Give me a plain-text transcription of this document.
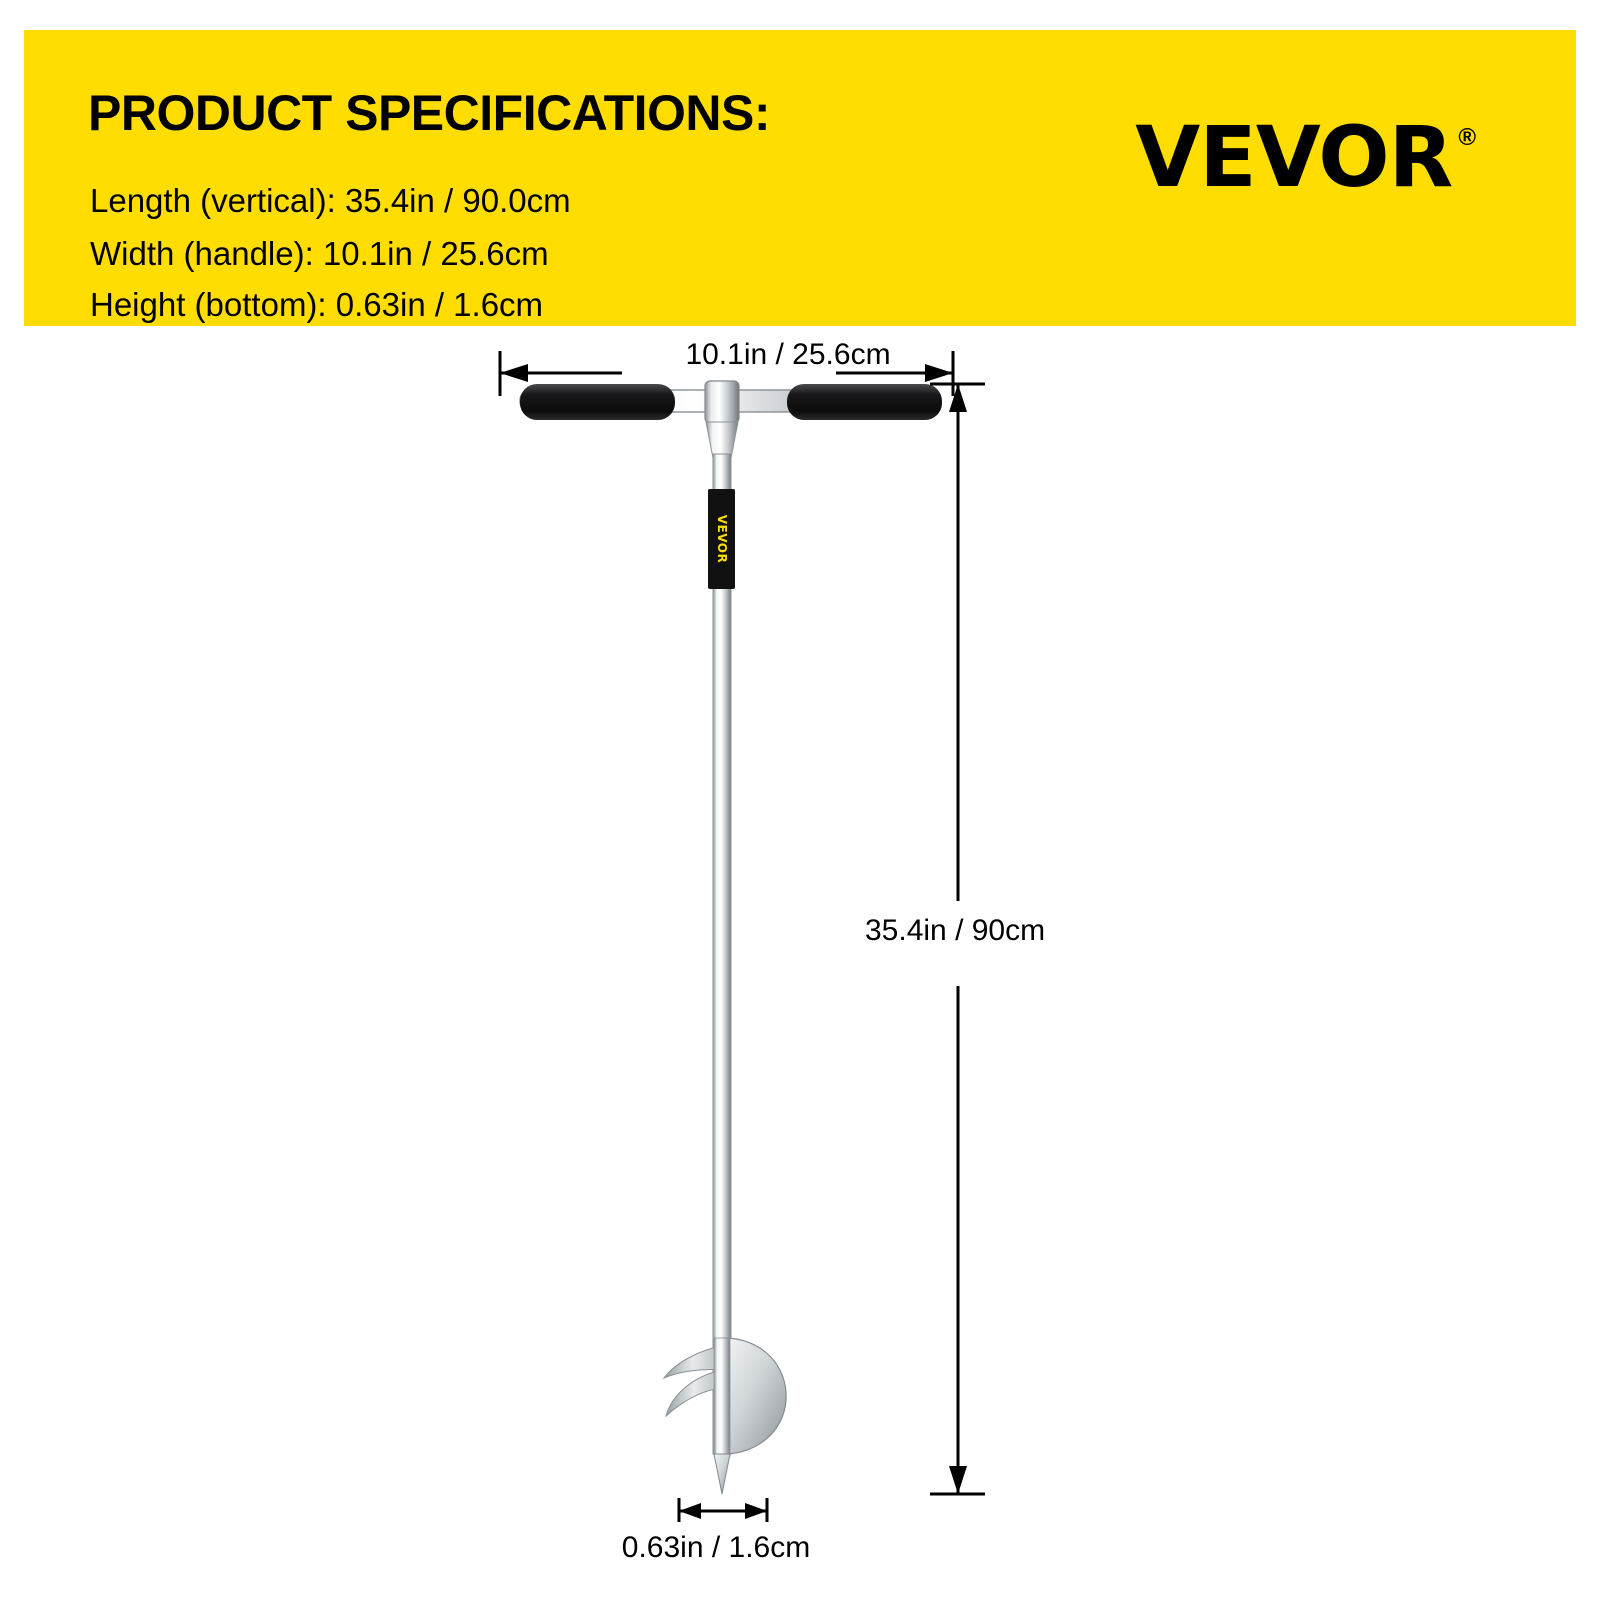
PRODUCT SPECIFICATIONS:
Length (vertical): 35.4in / 90.0cm
Width (handle): 10.1in / 25.6cm
Height (bottom): 0.63in / 1.6cm
VEVOR ®
10.1in / 25.6cm
35.4in / 90cm
0.63in / 1.6cm
VEVOR
